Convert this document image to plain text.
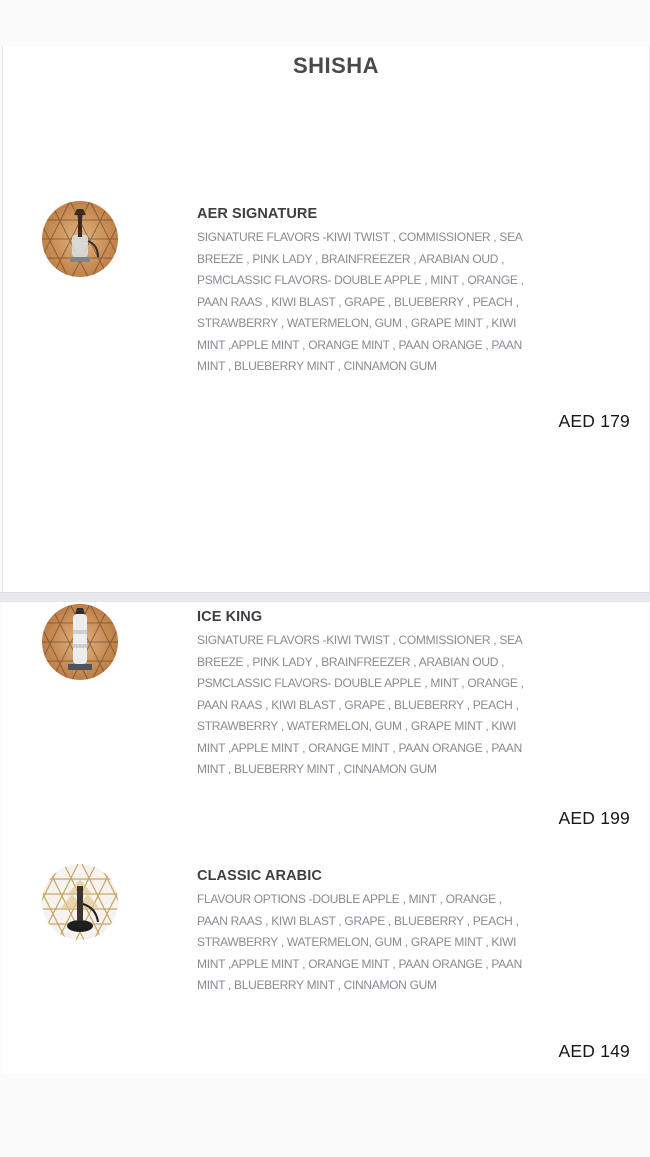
SHISHA
AER SIGNATURE
SIGNATURE FLAVORS -KIWI TWIST , COMMISSIONER , SEA BREEZE , PINK LADY , BRAINFREEZER , ARABIAN OUD , PSMCLASSIC FLAVORS- DOUBLE APPLE , MINT , ORANGE , PAAN RAAS , KIWI BLAST , GRAPE , BLUEBERRY , PEACH , STRAWBERRY , WATERMELON, GUM , GRAPE MINT , KIWI MINT ,APPLE MINT , ORANGE MINT , PAAN ORANGE , PAAN MINT , BLUEBERRY MINT , CINNAMON GUM
AED 179
ICE KING
SIGNATURE FLAVORS -KIWI TWIST , COMMISSIONER , SEA BREEZE , PINK LADY , BRAINFREEZER , ARABIAN OUD , PSMCLASSIC FLAVORS- DOUBLE APPLE , MINT , ORANGE , PAAN RAAS , KIWI BLAST , GRAPE , BLUEBERRY , PEACH , STRAWBERRY , WATERMELON, GUM , GRAPE MINT , KIWI MINT ,APPLE MINT , ORANGE MINT , PAAN ORANGE , PAAN MINT , BLUEBERRY MINT , CINNAMON GUM
AED 199
CLASSIC ARABIC
FLAVOUR OPTIONS -DOUBLE APPLE , MINT , ORANGE , PAAN RAAS , KIWI BLAST , GRAPE , BLUEBERRY , PEACH , STRAWBERRY , WATERMELON, GUM , GRAPE MINT , KIWI MINT ,APPLE MINT , ORANGE MINT , PAAN ORANGE , PAAN MINT , BLUEBERRY MINT , CINNAMON GUM
AED 149
